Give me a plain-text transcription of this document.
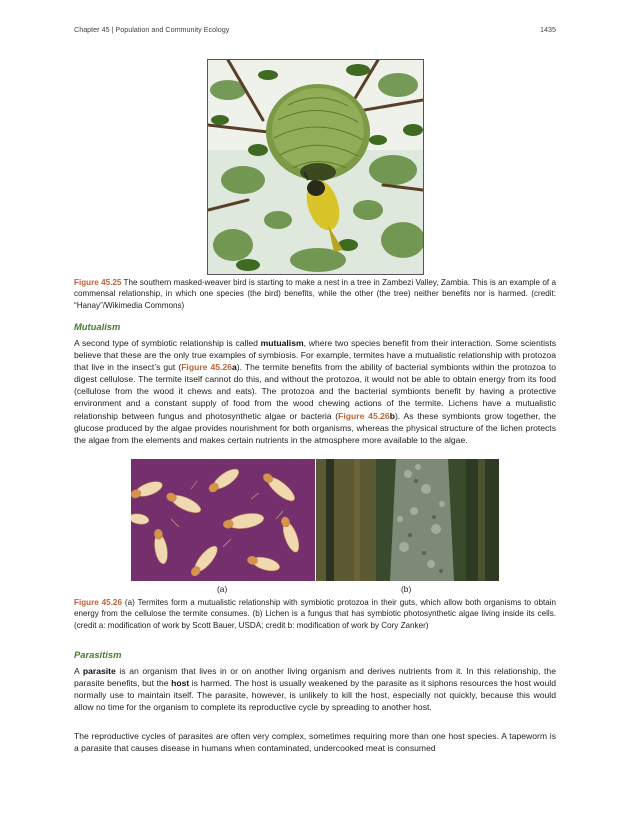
Chapter 45 | Population and Community Ecology	1435
Figure 45.25 The southern masked-weaver bird is starting to make a nest in a tree in Zambezi Valley, Zambia. This is an example of a commensal relationship, in which one species (the bird) benefits, while the other (the tree) neither benefits nor is harmed. (credit: “Hanay”/Wikimedia Commons)
Mutualism
A second type of symbiotic relationship is called mutualism, where two species benefit from their interaction. Some scientists believe that these are the only true examples of symbiosis. For example, termites have a mutualistic relationship with protozoa that live in the insect’s gut (Figure 45.26a). The termite benefits from the ability of bacterial symbionts within the protozoa to digest cellulose. The termite itself cannot do this, and without the protozoa, it would not be able to obtain energy from its food (cellulose from the wood it chews and eats). The protozoa and the bacterial symbionts benefit by having a protective environment and a constant supply of food from the wood chewing actions of the termite. Lichens have a mutualistic relationship between fungus and photosynthetic algae or bacteria (Figure 45.26b). As these symbionts grow together, the glucose produced by the algae provides nourishment for both organisms, whereas the physical structure of the lichen protects the algae from the elements and makes certain nutrients in the atmosphere more available to the algae.
(a)	(b)
Figure 45.26 (a) Termites form a mutualistic relationship with symbiotic protozoa in their guts, which allow both organisms to obtain energy from the cellulose the termite consumes. (b) Lichen is a fungus that has symbiotic photosynthetic algae living inside its cells. (credit a: modification of work by Scott Bauer, USDA; credit b: modification of work by Cory Zanker)
Parasitism
A parasite is an organism that lives in or on another living organism and derives nutrients from it. In this relationship, the parasite benefits, but the host is harmed. The host is usually weakened by the parasite as it siphons resources the host would normally use to maintain itself. The parasite, however, is unlikely to kill the host, especially not quickly, because this would allow no time for the organism to complete its reproductive cycle by spreading to another host.
The reproductive cycles of parasites are often very complex, sometimes requiring more than one host species. A tapeworm is a parasite that causes disease in humans when contaminated, undercooked meat is consumed
